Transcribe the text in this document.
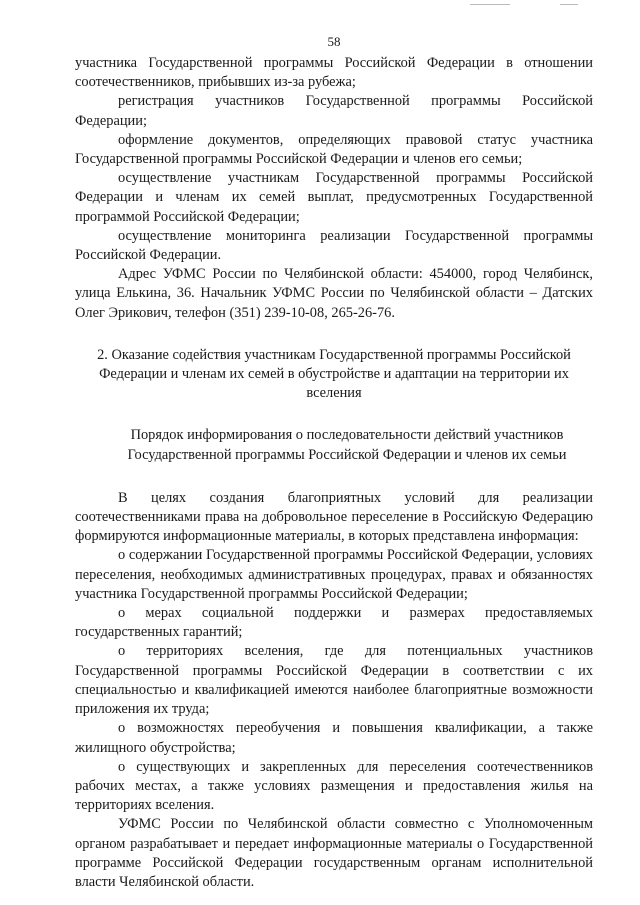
58

участника Государственной программы Российской Федерации в отношении соотечественников, прибывших из-за рубежа;

регистрация участников Государственной программы Российской Федерации;

оформление документов, определяющих правовой статус участника Государственной программы Российской Федерации и членов его семьи;

осуществление участникам Государственной программы Российской Федерации и членам их семей выплат, предусмотренных Государственной программой Российской Федерации;

осуществление мониторинга реализации Государственной программы Российской Федерации.

Адрес УФМС России по Челябинской области: 454000, город Челябинск, улица Елькина, 36. Начальник УФМС России по Челябинской области – Датских Олег Эрикович, телефон (351) 239-10-08, 265-26-76.

2. Оказание содействия участникам Государственной программы Российской Федерации и членам их семей в обустройстве и адаптации на территории их вселения

Порядок информирования о последовательности действий участников Государственной программы Российской Федерации и членов их семьи

В целях создания благоприятных условий для реализации соотечественниками права на добровольное переселение в Российскую Федерацию формируются информационные материалы, в которых представлена информация:

о содержании Государственной программы Российской Федерации, условиях переселения, необходимых административных процедурах, правах и обязанностях участника Государственной программы Российской Федерации;

о мерах социальной поддержки и размерах предоставляемых государственных гарантий;

о территориях вселения, где для потенциальных участников Государственной программы Российской Федерации в соответствии с их специальностью и квалификацией имеются наиболее благоприятные возможности приложения их труда;

о возможностях переобучения и повышения квалификации, а также жилищного обустройства;

о существующих и закрепленных для переселения соотечественников рабочих местах, а также условиях размещения и предоставления жилья на территориях вселения.

УФМС России по Челябинской области совместно с Уполномоченным органом разрабатывает и передает информационные материалы о Государственной программе Российской Федерации государственным органам исполнительной власти Челябинской области.
